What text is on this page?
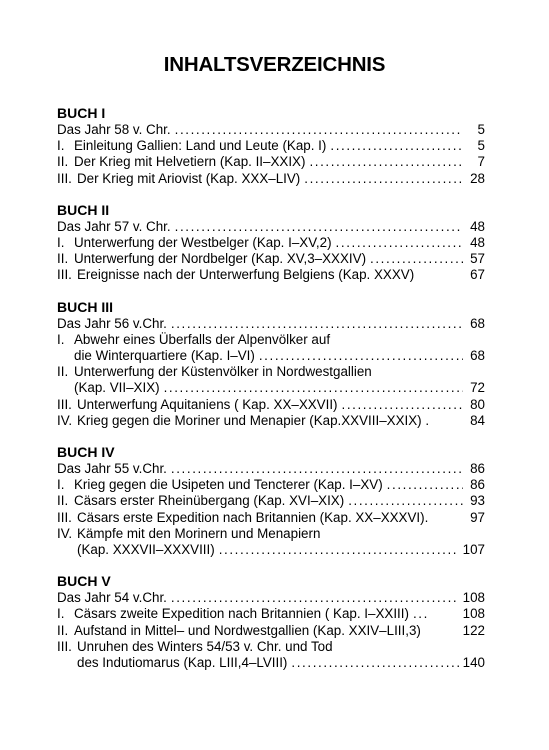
INHALTSVERZEICHNIS
BUCH I
Das Jahr 58 v. Chr. .....	5
I. Einleitung Gallien: Land und Leute (Kap. I) .....	5
II. Der Krieg mit Helvetiern (Kap. II–XXIX) .....	7
III. Der Krieg mit Ariovist (Kap. XXX–LIV) .....	28
BUCH II
Das Jahr 57 v. Chr. .....	48
I. Unterwerfung der Westbelger (Kap. I–XV,2) .....	48
II. Unterwerfung der Nordbelger (Kap. XV,3–XXXIV) .....	57
III. Ereignisse nach der Unterwerfung Belgiens (Kap. XXXV)	67
BUCH III
Das Jahr 56 v.Chr. .....	68
I. Abwehr eines Überfalls der Alpenvölker auf
die Winterquartiere (Kap. I–VI) .....	68
II. Unterwerfung der Küstenvölker in Nordwestgallien
(Kap. VII–XIX) .....	72
III. Unterwerfung Aquitaniens ( Kap. XX–XXVII) .....	80
IV. Krieg gegen die Moriner und Menapier (Kap.XXVIII–XXIX) .	84
BUCH IV
Das Jahr 55 v.Chr. .....	86
I. Krieg gegen die Usipeten und Tencterer (Kap. I–XV) .....	86
II. Cäsars erster Rheinübergang (Kap. XVI–XIX) .....	93
III. Cäsars erste Expedition nach Britannien (Kap. XX–XXXVI).	97
IV. Kämpfe mit den Morinern und Menapiern
(Kap. XXXVII–XXXVIII) .....	107
BUCH V
Das Jahr 54 v.Chr. .....	108
I. Cäsars zweite Expedition nach Britannien ( Kap. I–XXIII) .....	108
II. Aufstand in Mittel– und Nordwestgallien (Kap. XXIV–LIII,3)	122
III. Unruhen des Winters 54/53 v. Chr. und Tod
des Indutiomarus (Kap. LIII,4–LVIII) .....	140
